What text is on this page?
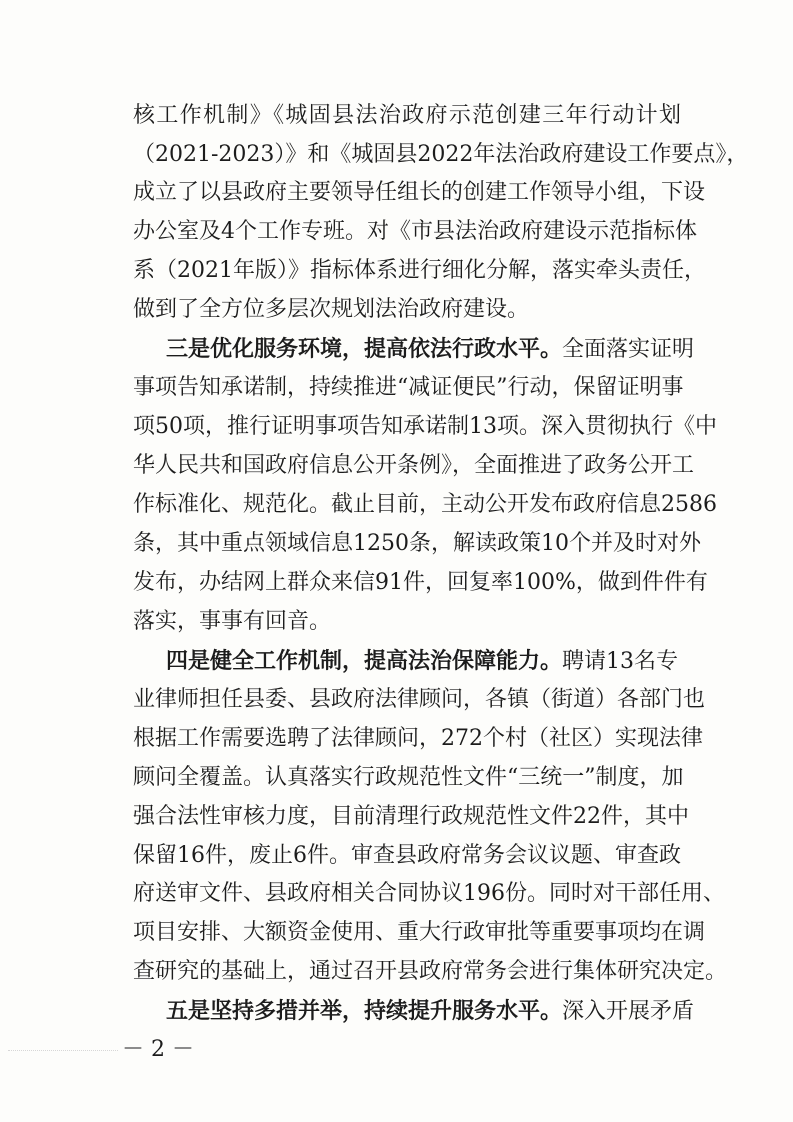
核工作机制》《城固县法治政府示范创建三年行动计划
（2021-2023）》和《城固县2022年法治政府建设工作要点》，
成立了以县政府主要领导任组长的创建工作领导小组，下设
办公室及4个工作专班。对《市县法治政府建设示范指标体
系（2021年版）》指标体系进行细化分解，落实牵头责任，
做到了全方位多层次规划法治政府建设。
三是优化服务环境，提高依法行政水平。全面落实证明
事项告知承诺制，持续推进“减证便民”行动，保留证明事
项50项，推行证明事项告知承诺制13项。深入贯彻执行《中
华人民共和国政府信息公开条例》，全面推进了政务公开工
作标准化、规范化。截止目前，主动公开发布政府信息2586
条，其中重点领域信息1250条，解读政策10个并及时对外
发布，办结网上群众来信91件，回复率100%，做到件件有
落实，事事有回音。
四是健全工作机制，提高法治保障能力。聘请13名专
业律师担任县委、县政府法律顾问，各镇（街道）各部门也
根据工作需要选聘了法律顾问，272个村（社区）实现法律
顾问全覆盖。认真落实行政规范性文件“三统一”制度，加
强合法性审核力度，目前清理行政规范性文件22件，其中
保留16件，废止6件。审查县政府常务会议议题、审查政
府送审文件、县政府相关合同协议196份。同时对干部任用、
项目安排、大额资金使用、重大行政审批等重要事项均在调
查研究的基础上，通过召开县政府常务会进行集体研究决定。
五是坚持多措并举，持续提升服务水平。深入开展矛盾
－ 2 －
